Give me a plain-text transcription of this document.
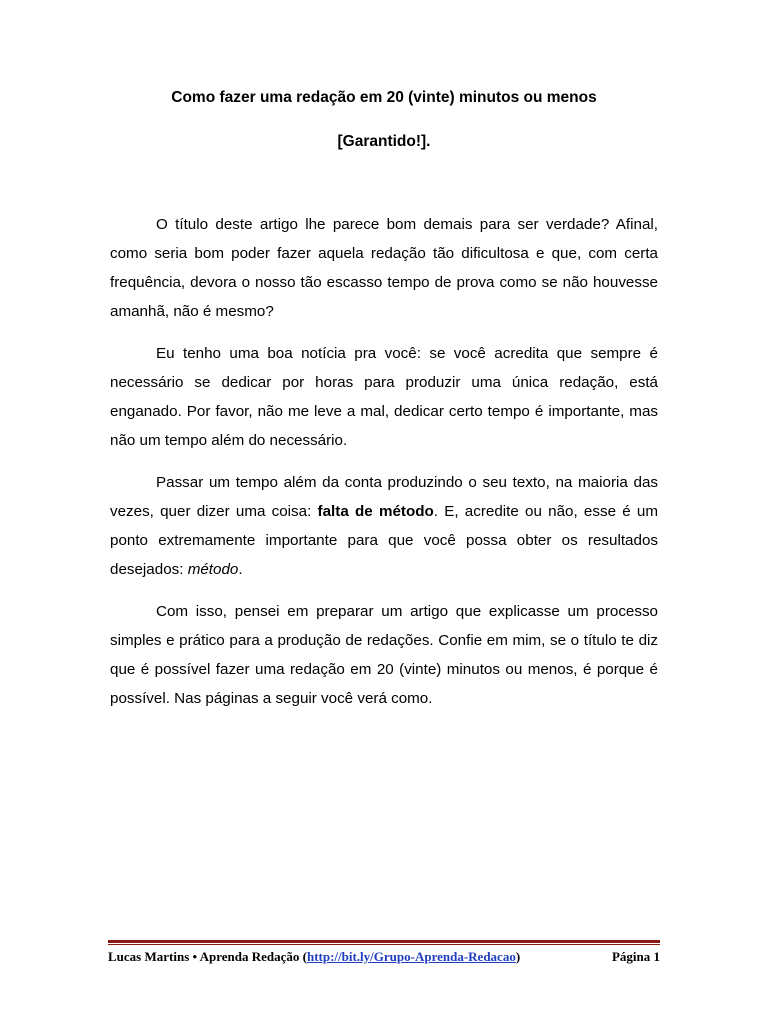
Como fazer uma redação em 20 (vinte) minutos ou menos
[Garantido!].

O título deste artigo lhe parece bom demais para ser verdade? Afinal, como seria bom poder fazer aquela redação tão dificultosa e que, com certa frequência, devora o nosso tão escasso tempo de prova como se não houvesse amanhã, não é mesmo?

Eu tenho uma boa notícia pra você: se você acredita que sempre é necessário se dedicar por horas para produzir uma única redação, está enganado. Por favor, não me leve a mal, dedicar certo tempo é importante, mas não um tempo além do necessário.

Passar um tempo além da conta produzindo o seu texto, na maioria das vezes, quer dizer uma coisa: falta de método. E, acredite ou não, esse é um ponto extremamente importante para que você possa obter os resultados desejados: método.

Com isso, pensei em preparar um artigo que explicasse um processo simples e prático para a produção de redações. Confie em mim, se o título te diz que é possível fazer uma redação em 20 (vinte) minutos ou menos, é porque é possível. Nas páginas a seguir você verá como.

Lucas Martins • Aprenda Redação (http://bit.ly/Grupo-Aprenda-Redacao)	Página 1
